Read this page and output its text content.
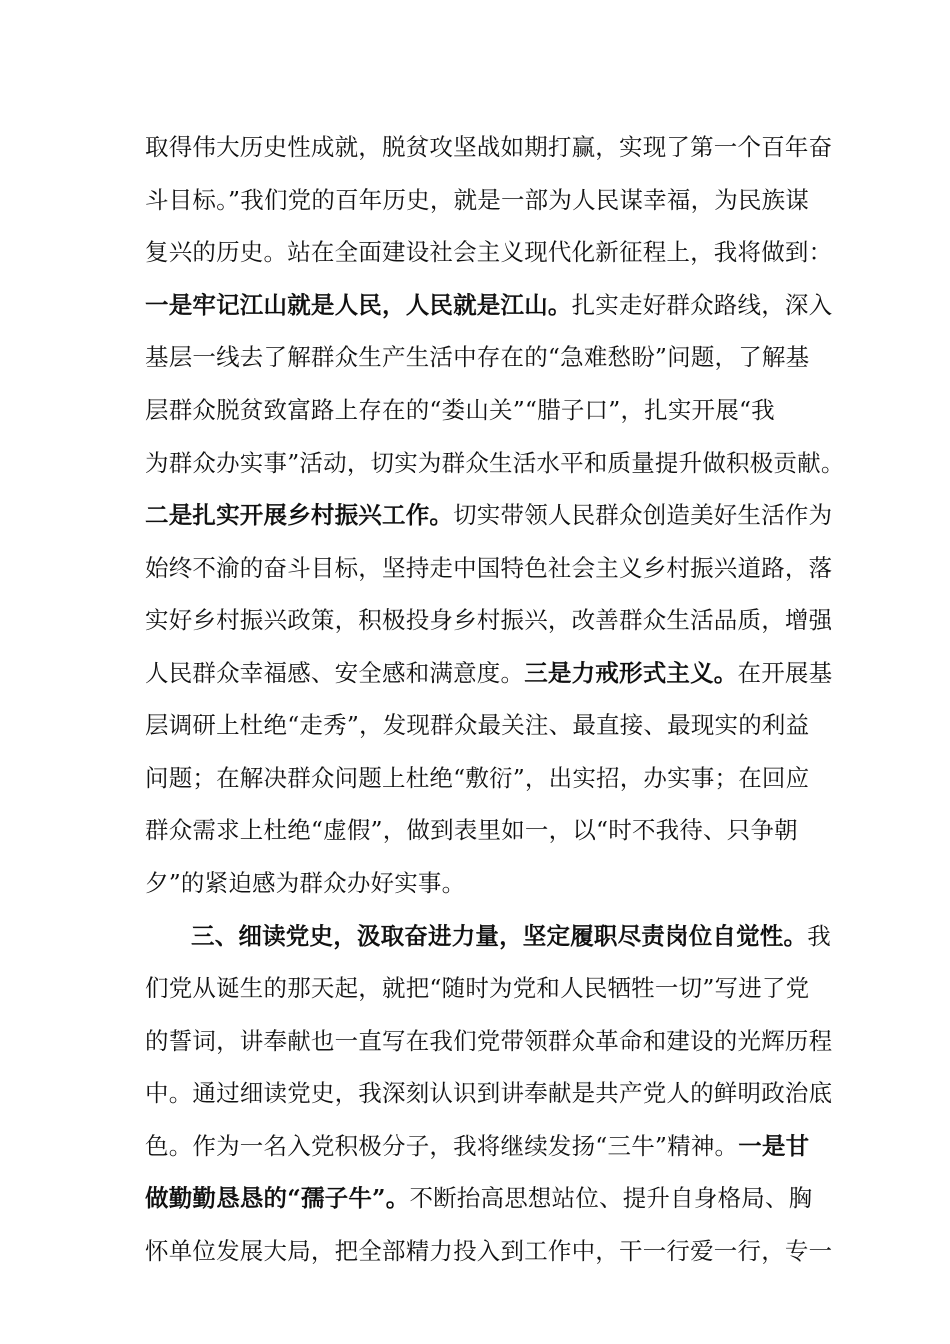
取得伟大历史性成就，脱贫攻坚战如期打赢，实现了第一个百年奋
斗目标。”我们党的百年历史，就是一部为人民谋幸福，为民族谋
复兴的历史。站在全面建设社会主义现代化新征程上，我将做到：
一是牢记江山就是人民，人民就是江山。扎实走好群众路线，深入
基层一线去了解群众生产生活中存在的“急难愁盼”问题，了解基
层群众脱贫致富路上存在的“娄山关”“腊子口”，扎实开展“我
为群众办实事”活动，切实为群众生活水平和质量提升做积极贡献。
二是扎实开展乡村振兴工作。切实带领人民群众创造美好生活作为
始终不渝的奋斗目标，坚持走中国特色社会主义乡村振兴道路，落
实好乡村振兴政策，积极投身乡村振兴，改善群众生活品质，增强
人民群众幸福感、安全感和满意度。三是力戒形式主义。在开展基
层调研上杜绝“走秀”，发现群众最关注、最直接、最现实的利益
问题；在解决群众问题上杜绝“敷衍”，出实招，办实事；在回应
群众需求上杜绝“虚假”，做到表里如一，以“时不我待、只争朝
夕”的紧迫感为群众办好实事。
三、细读党史，汲取奋进力量，坚定履职尽责岗位自觉性。我
们党从诞生的那天起，就把“随时为党和人民牺牲一切”写进了党
的誓词，讲奉献也一直写在我们党带领群众革命和建设的光辉历程
中。通过细读党史，我深刻认识到讲奉献是共产党人的鲜明政治底
色。作为一名入党积极分子，我将继续发扬“三牛”精神。一是甘
做勤勤恳恳的“孺子牛”。不断抬高思想站位、提升自身格局、胸
怀单位发展大局，把全部精力投入到工作中，干一行爱一行，专一
